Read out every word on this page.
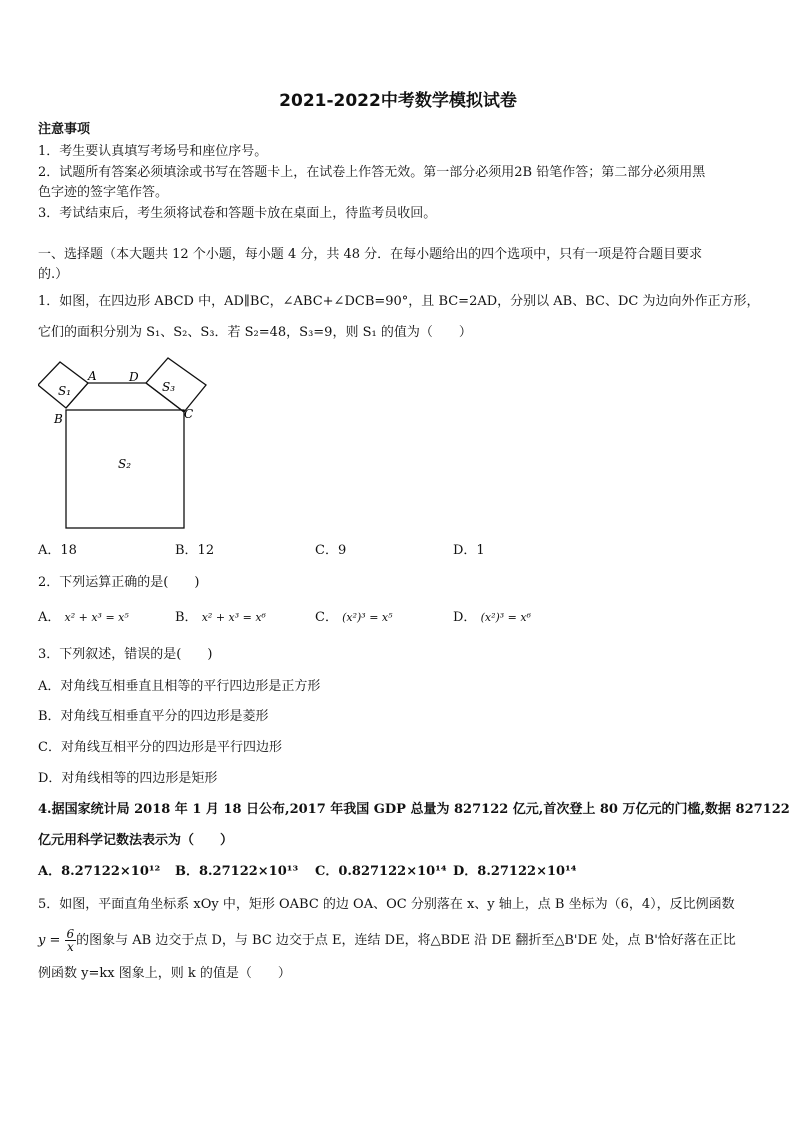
2021-2022中考数学模拟试卷
注意事项
1．考生要认真填写考场号和座位序号。
2．试题所有答案必须填涂或书写在答题卡上，在试卷上作答无效。第一部分必须用2B 铅笔作答；第二部分必须用黑
色字迹的签字笔作答。
3．考试结束后，考生须将试卷和答题卡放在桌面上，待监考员收回。
一、选择题（本大题共 12 个小题，每小题 4 分，共 48 分．在每小题给出的四个选项中，只有一项是符合题目要求
的.）
1．如图，在四边形 ABCD 中，AD∥BC，∠ABC+∠DCB=90°，且 BC=2AD，分别以 AB、BC、DC 为边向外作正方形，
它们的面积分别为 S₁、S₂、S₃．若 S₂=48，S₃=9，则 S₁ 的值为（　　）
A	D
B	C
S₁	S₃
S₂
A．18	B．12	C．9	D．1
2．下列运算正确的是(　　)
A． x² + x³ = x⁵	B． x² + x³ = x⁶	C． (x²)³ = x⁵	D． (x²)³ = x⁶
3．下列叙述，错误的是(　　)
A．对角线互相垂直且相等的平行四边形是正方形
B．对角线互相垂直平分的四边形是菱形
C．对角线互相平分的四边形是平行四边形
D．对角线相等的四边形是矩形
4.据国家统计局 2018 年 1 月 18 日公布,2017 年我国 GDP 总量为 827122 亿元,首次登上 80 万亿元的门槛,数据 827122
亿元用科学记数法表示为（　　）
A．8.27122×10¹² B．8.27122×10¹³ C．0.827122×10¹⁴ D．8.27122×10¹⁴
5．如图，平面直角坐标系 xOy 中，矩形 OABC 的边 OA、OC 分别落在 x、y 轴上，点 B 坐标为（6，4），反比例函数
$y = \frac{6}{x}$ 的图象与 AB 边交于点 D，与 BC 边交于点 E，连结 DE，将△BDE 沿 DE 翻折至△B'DE 处，点 B'恰好落在正比
例函数 y=kx 图象上，则 k 的值是（　　）
